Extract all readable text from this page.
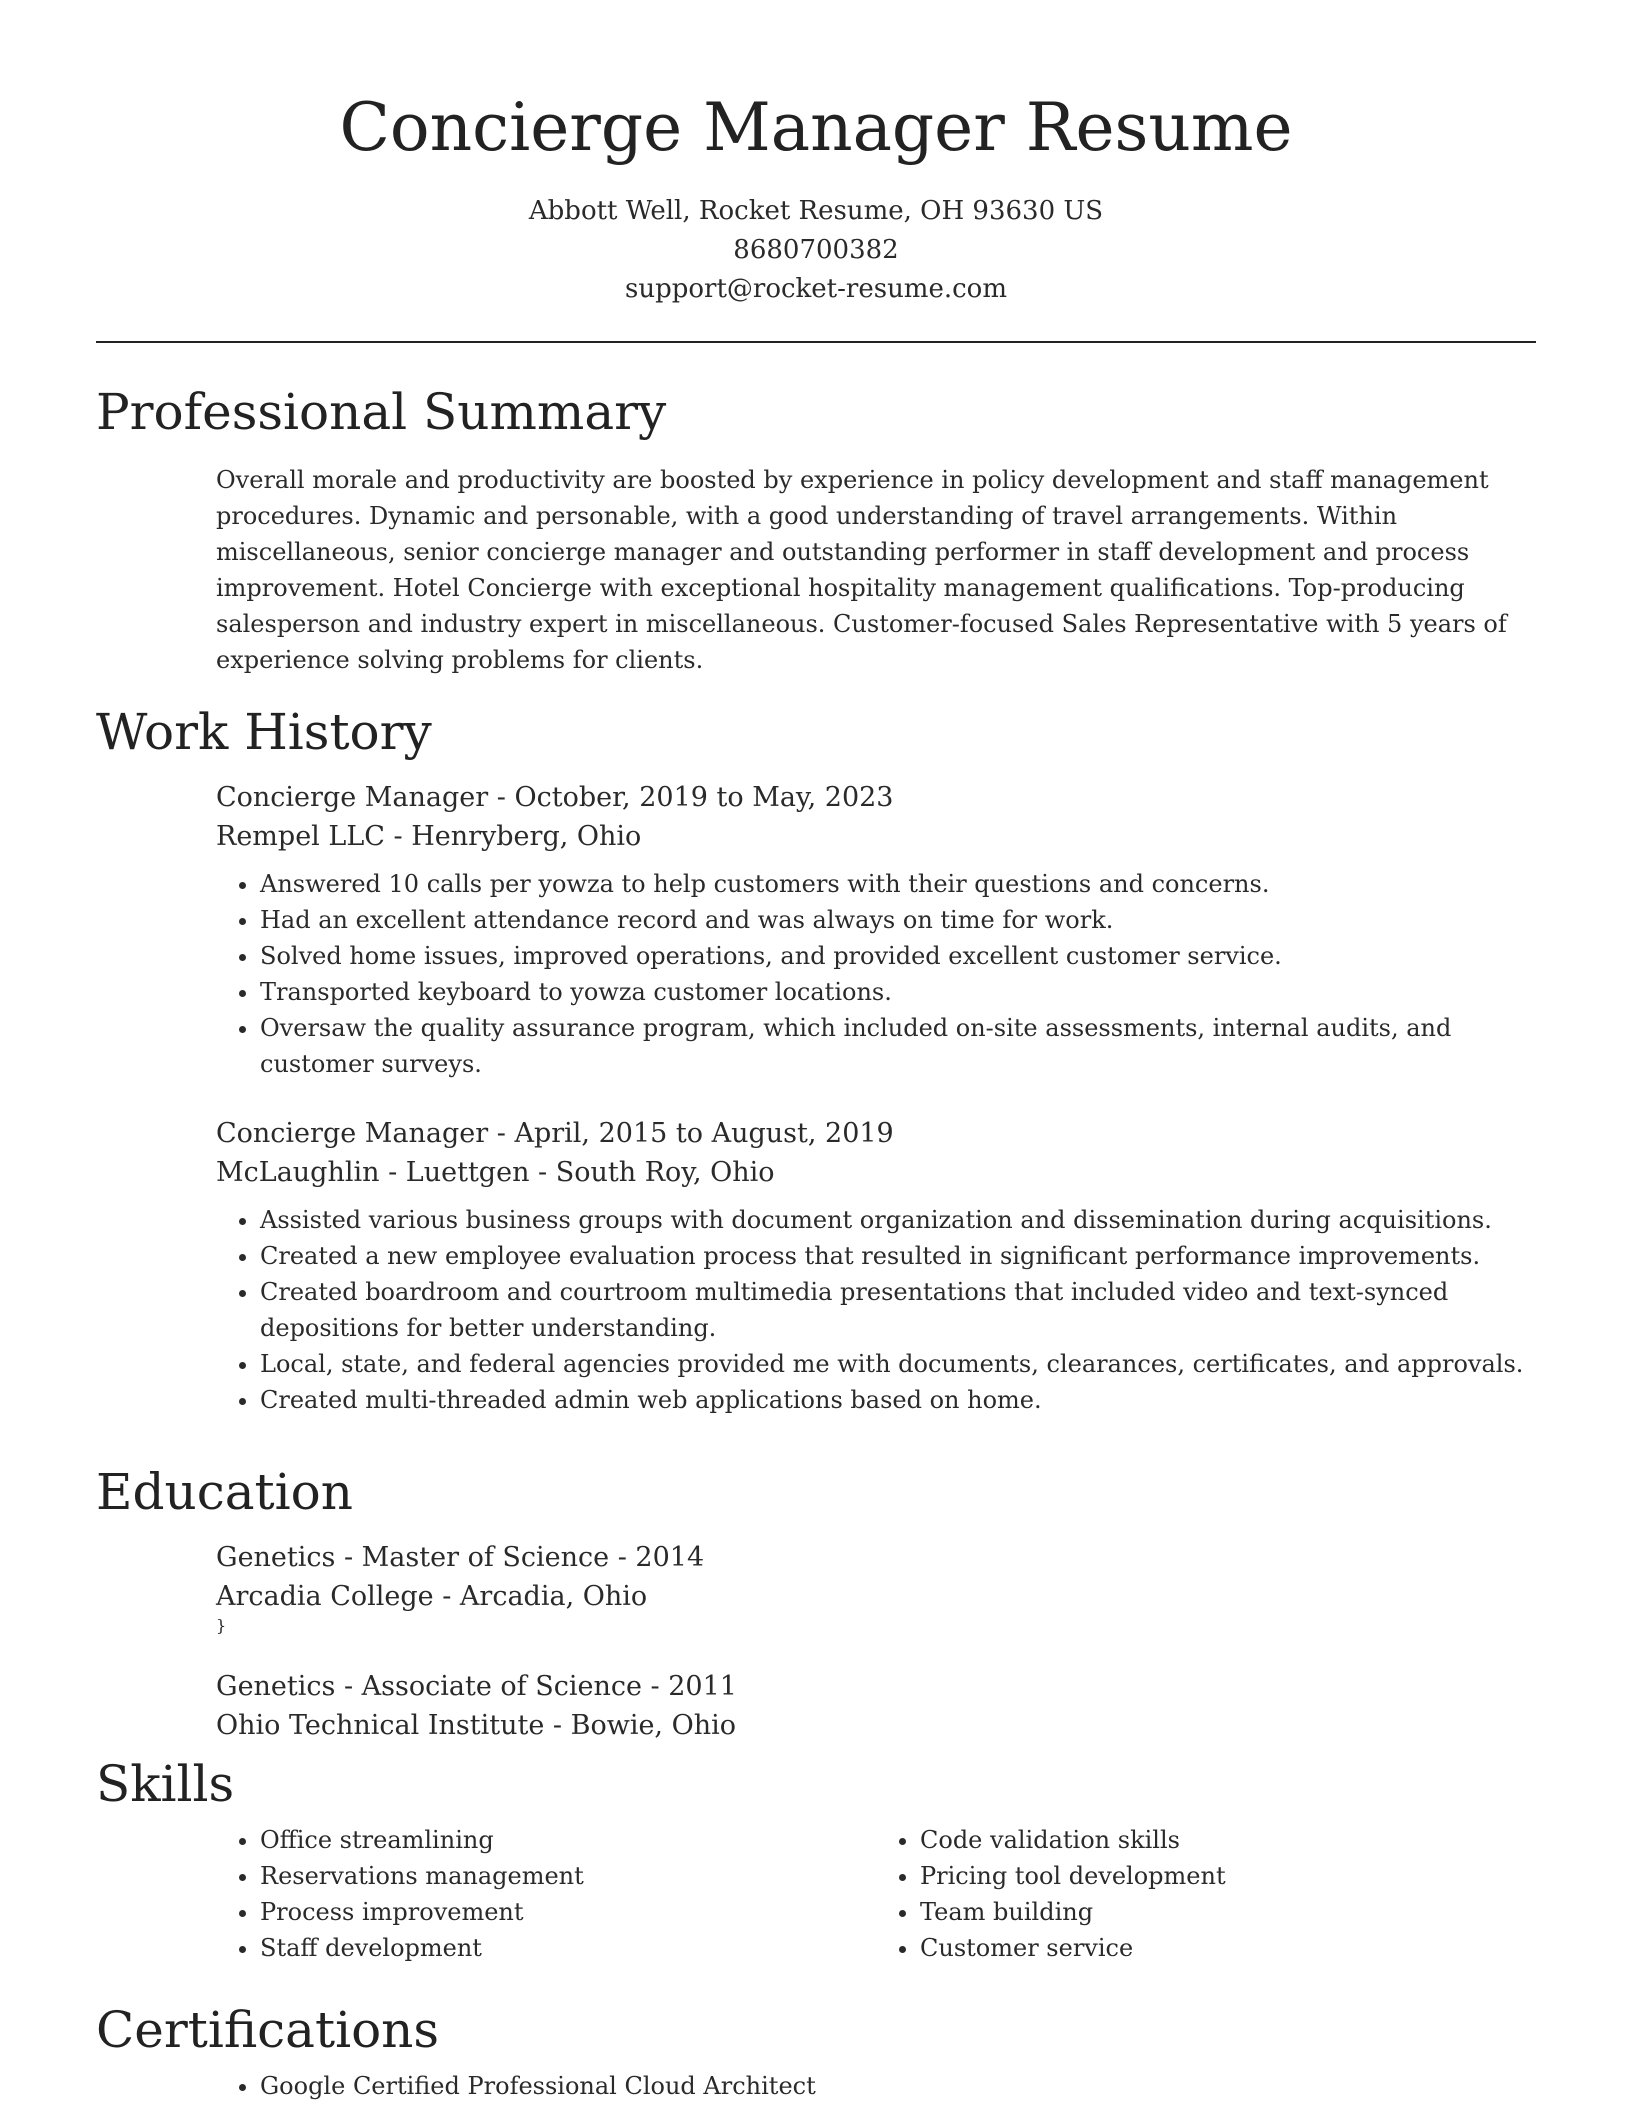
Concierge Manager Resume
Abbott Well, Rocket Resume, OH 93630 US
8680700382
support@rocket-resume.com
Professional Summary
Overall morale and productivity are boosted by experience in policy development and staff management procedures. Dynamic and personable, with a good understanding of travel arrangements. Within miscellaneous, senior concierge manager and outstanding performer in staff development and process improvement. Hotel Concierge with exceptional hospitality management qualifications. Top-producing salesperson and industry expert in miscellaneous. Customer-focused Sales Representative with 5 years of experience solving problems for clients.
Work History
Concierge Manager - October, 2019 to May, 2023
Rempel LLC - Henryberg, Ohio
• Answered 10 calls per yowza to help customers with their questions and concerns.
• Had an excellent attendance record and was always on time for work.
• Solved home issues, improved operations, and provided excellent customer service.
• Transported keyboard to yowza customer locations.
• Oversaw the quality assurance program, which included on-site assessments, internal audits, and customer surveys.
Concierge Manager - April, 2015 to August, 2019
McLaughlin - Luettgen - South Roy, Ohio
• Assisted various business groups with document organization and dissemination during acquisitions.
• Created a new employee evaluation process that resulted in significant performance improvements.
• Created boardroom and courtroom multimedia presentations that included video and text-synced depositions for better understanding.
• Local, state, and federal agencies provided me with documents, clearances, certificates, and approvals.
• Created multi-threaded admin web applications based on home.
Education
Genetics - Master of Science - 2014
Arcadia College - Arcadia, Ohio
}
Genetics - Associate of Science - 2011
Ohio Technical Institute - Bowie, Ohio
Skills
• Office streamlining
• Reservations management
• Process improvement
• Staff development
• Code validation skills
• Pricing tool development
• Team building
• Customer service
Certifications
• Google Certified Professional Cloud Architect
